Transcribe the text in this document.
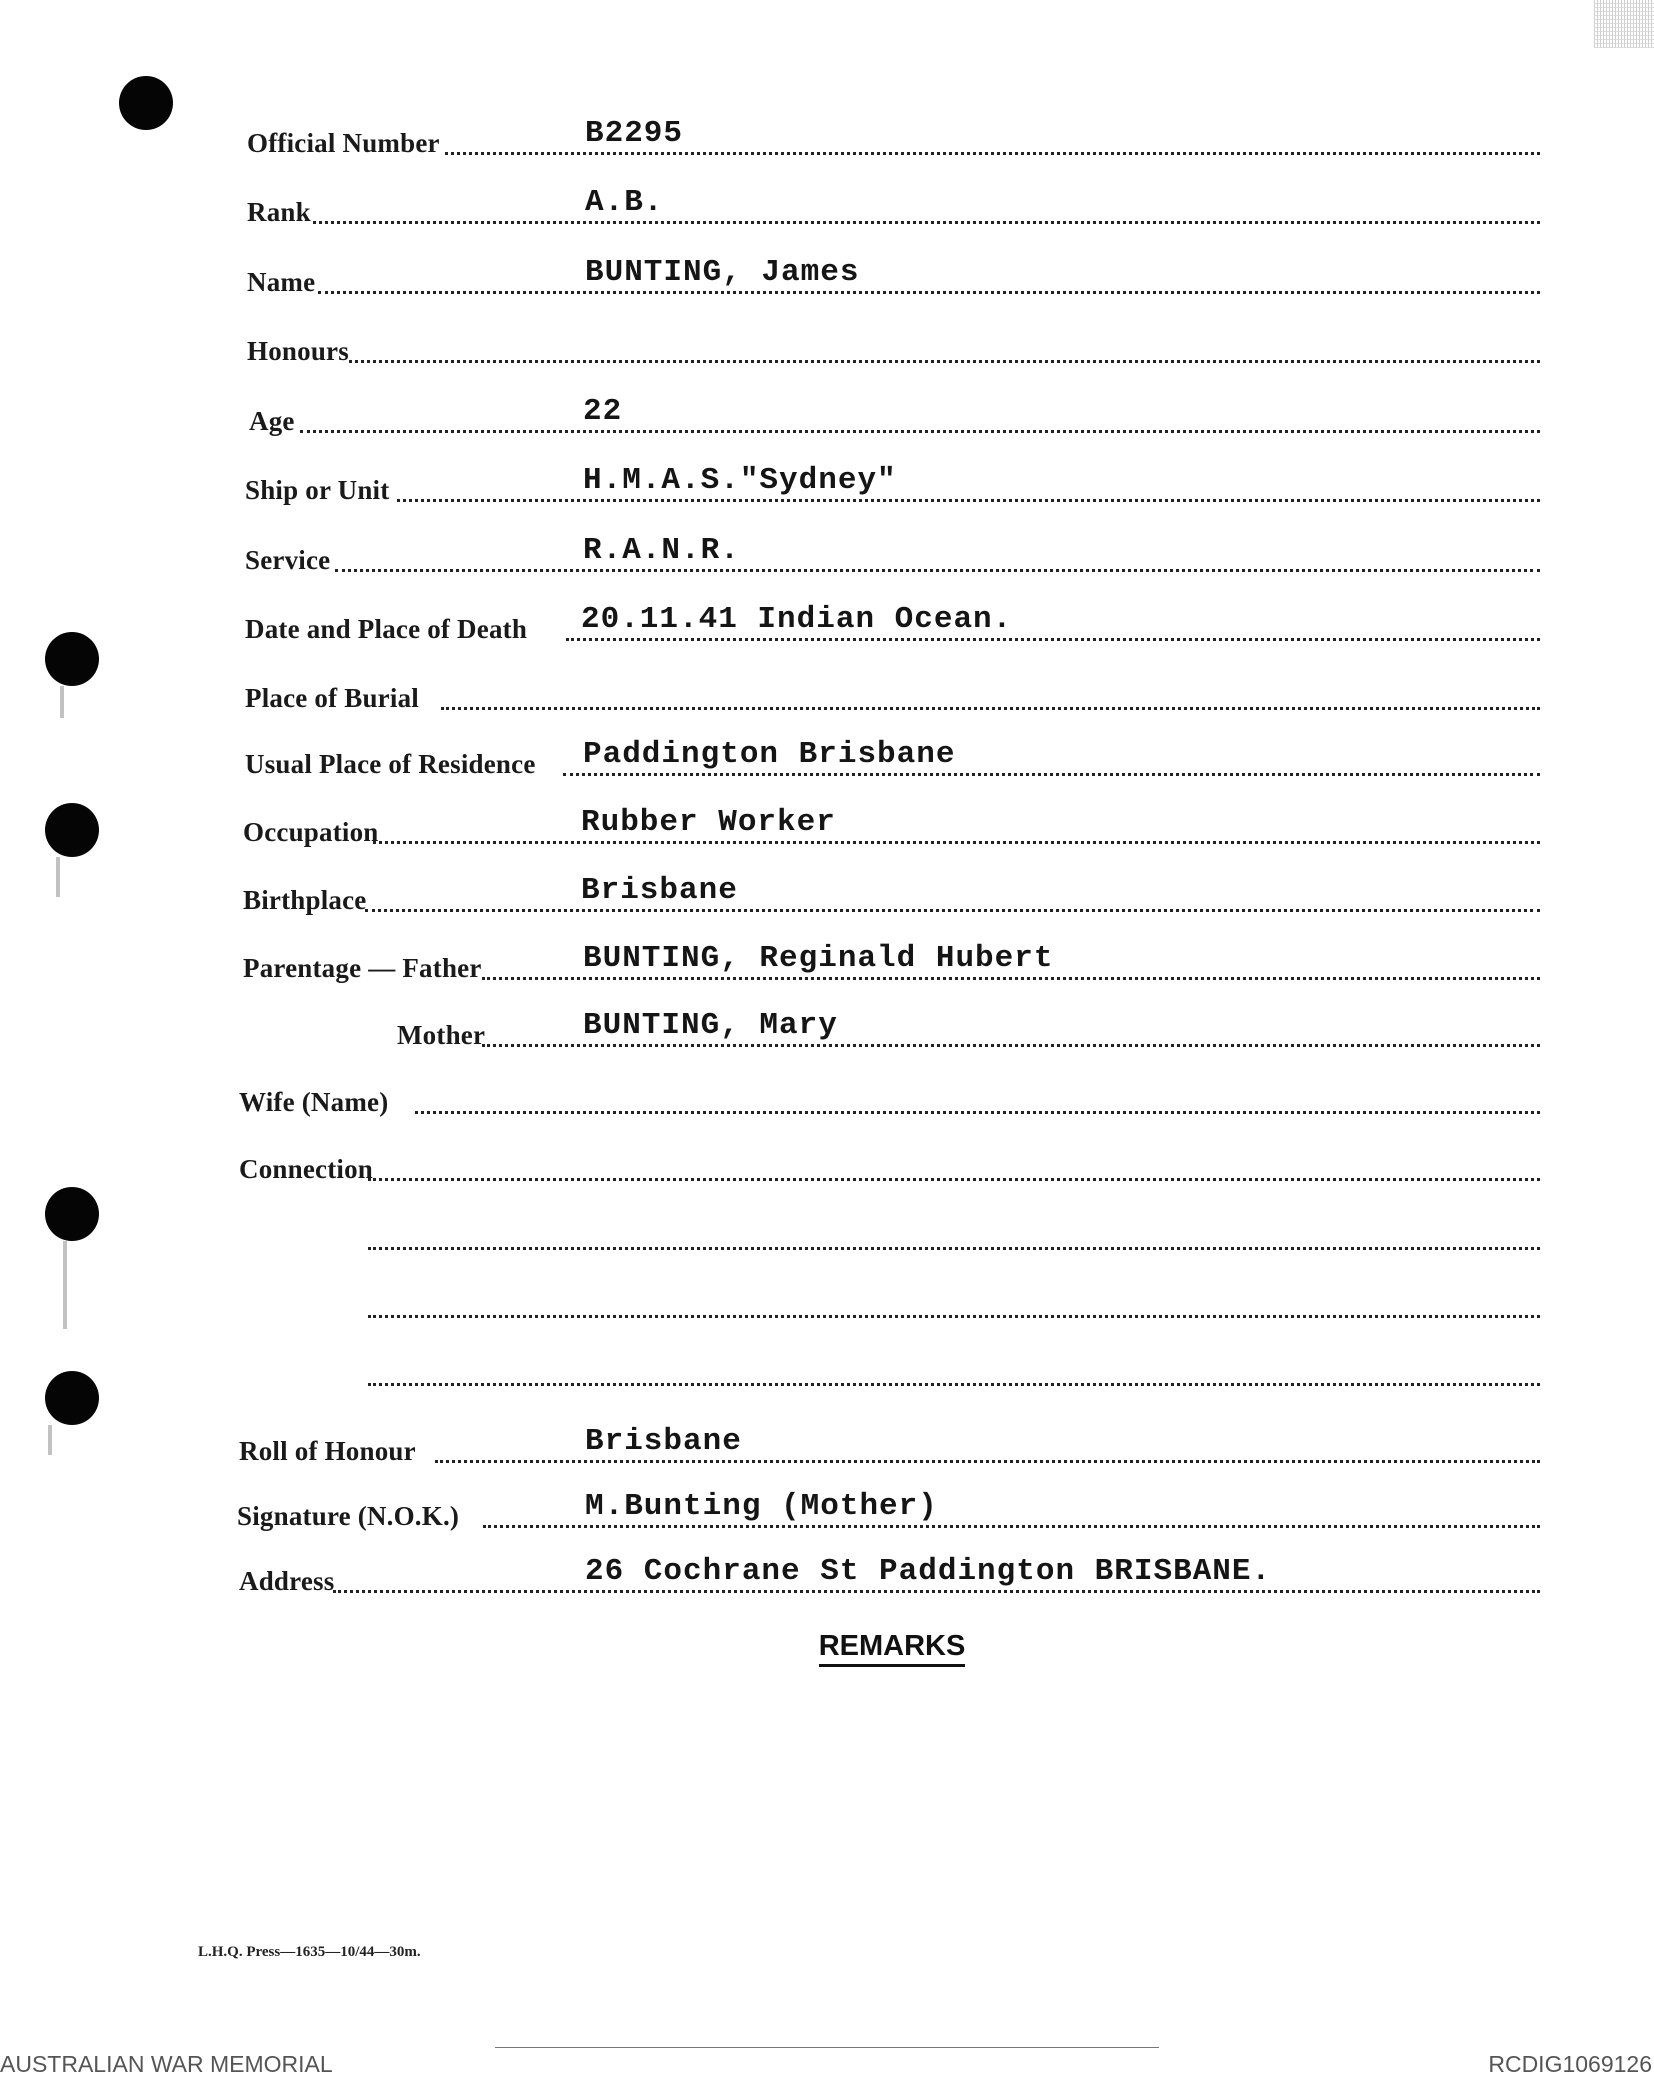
Official Number	B2295
Rank	A.B.
Name	BUNTING, James
Honours
Age	22
Ship or Unit	H.M.A.S."Sydney"
Service	R.A.N.R.
Date and Place of Death 20.11.41 Indian Ocean.
Place of Burial
Usual Place of Residence Paddington Brisbane
Occupation	Rubber Worker
Birthplace	Brisbane
Parentage — Father	BUNTING, Reginald Hubert
Mother	BUNTING, Mary
Wife (Name)
Connection
Roll of Honour	Brisbane
Signature (N.O.K.)	M.Bunting (Mother)
Address	26 Cochrane St Paddington BRISBANE.
REMARKS
L.H.Q. Press—1635—10/44—30m.
AUSTRALIAN WAR MEMORIAL	RCDIG1069126
